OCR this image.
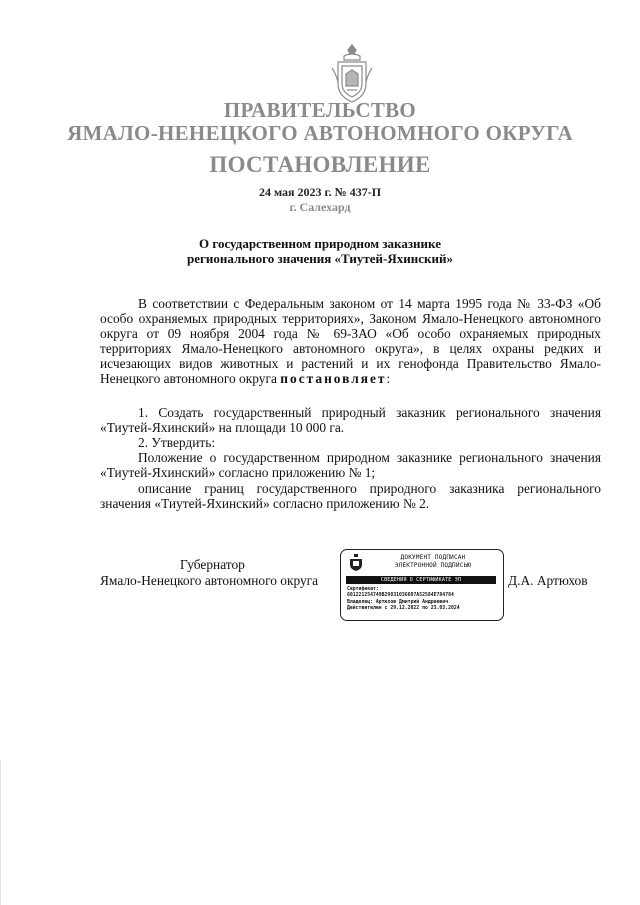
ПРАВИТЕЛЬСТВО
ЯМАЛО-НЕНЕЦКОГО АВТОНОМНОГО ОКРУГА
ПОСТАНОВЛЕНИЕ
24 мая 2023 г. № 437-П
г. Салехард
О государственном природном заказнике
регионального значения «Тиутей-Яхинский»
В соответствии с Федеральным законом от 14 марта 1995 года № 33-ФЗ «Об особо охраняемых природных территориях», Законом Ямало-Ненецкого автономного округа от 09 ноября 2004 года № 69-ЗАО «Об особо охраняемых природных территориях Ямало-Ненецкого автономного округа», в целях охраны редких и исчезающих видов животных и растений и их генофонда Правительство Ямало-Ненецкого автономного округа постановляет:
1. Создать государственный природный заказник регионального значения «Тиутей-Яхинский» на площади 10 000 га.
2. Утвердить:
Положение о государственном природном заказнике регионального значения «Тиутей-Яхинский» согласно приложению № 1;
описание границ государственного природного заказника регионального значения «Тиутей-Яхинский» согласно приложению № 2.
Губернатор
Ямало-Ненецкого автономного округа	Д.А. Артюхов
ДОКУМЕНТ ПОДПИСАН
ЭЛЕКТРОННОЙ ПОДПИСЬЮ
СВЕДЕНИЯ О СЕРТИФИКАТЕ ЭП
Сертификат:
601221254749B29831036607A52584E784784
Владелец: Артюхов Дмитрий Андреевич
Действителен с 29.12.2022 по 23.03.2024
